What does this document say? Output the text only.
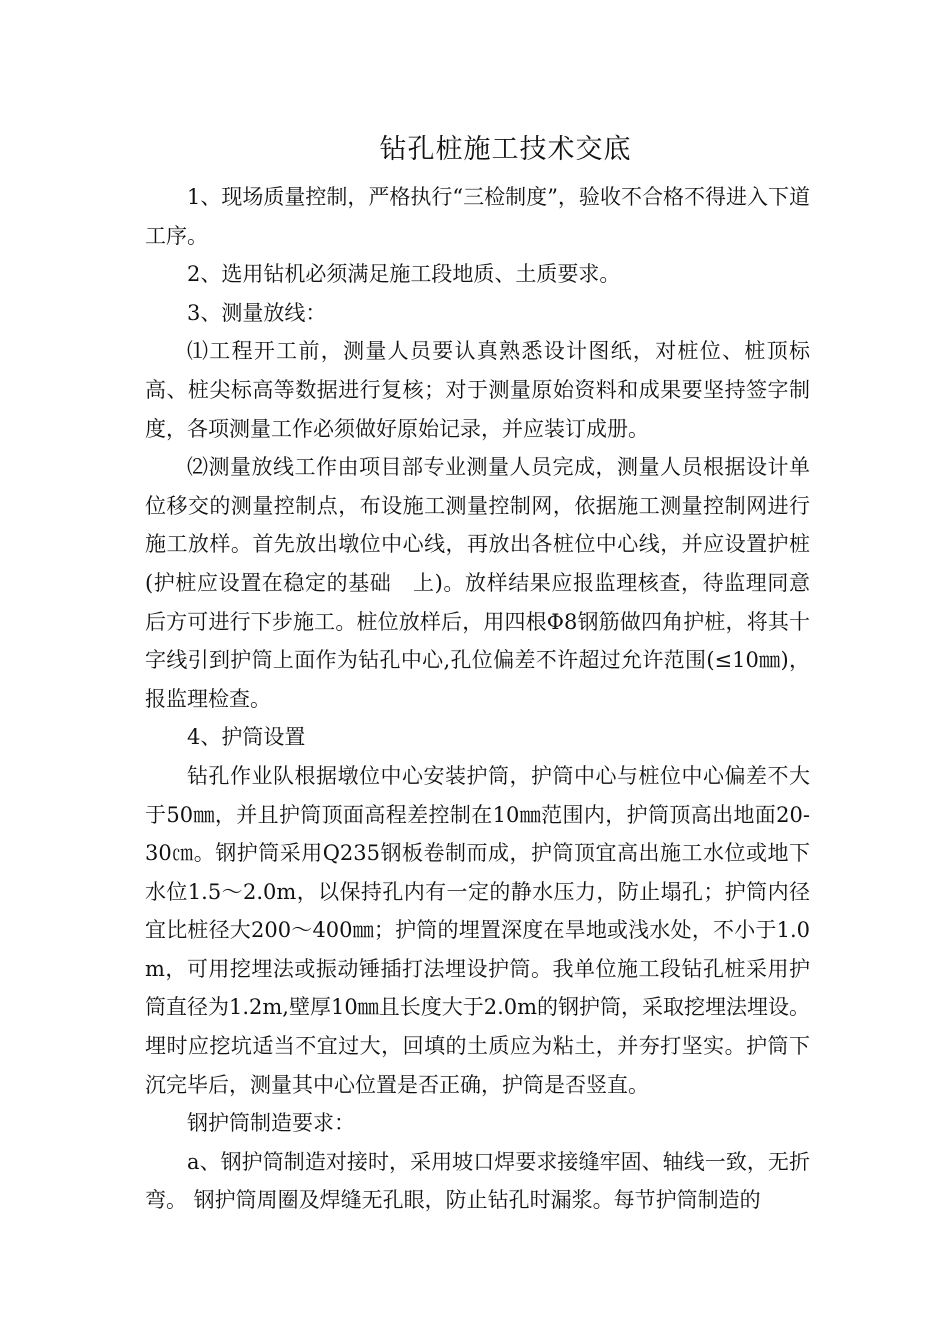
钻孔桩施工技术交底

1、现场质量控制，严格执行“三检制度”，验收不合格不得进入下道工序。

2、选用钻机必须满足施工段地质、土质要求。

3、测量放线：

⑴工程开工前，测量人员要认真熟悉设计图纸，对桩位、桩顶标高、桩尖标高等数据进行复核；对于测量原始资料和成果要坚持签字制度，各项测量工作必须做好原始记录，并应装订成册。

⑵测量放线工作由项目部专业测量人员完成，测量人员根据设计单位移交的测量控制点，布设施工测量控制网，依据施工测量控制网进行施工放样。首先放出墩位中心线，再放出各桩位中心线，并应设置护桩(护桩应设置在稳定的基础　上)。放样结果应报监理核查，待监理同意后方可进行下步施工。桩位放样后，用四根Φ8钢筋做四角护桩，将其十字线引到护筒上面作为钻孔中心,孔位偏差不许超过允许范围(≤10㎜)，报监理检查。

4、护筒设置

钻孔作业队根据墩位中心安装护筒，护筒中心与桩位中心偏差不大于50㎜，并且护筒顶面高程差控制在10㎜范围内，护筒顶高出地面20-30㎝。钢护筒采用Q235钢板卷制而成，护筒顶宜高出施工水位或地下水位1.5～2.0m，以保持孔内有一定的静水压力，防止塌孔；护筒内径宜比桩径大200～400㎜；护筒的埋置深度在旱地或浅水处，不小于1.0　m，可用挖埋法或振动锤插打法埋设护筒。我单位施工段钻孔桩采用护筒直径为1.2m,壁厚10㎜且长度大于2.0m的钢护筒，采取挖埋法埋设。埋时应挖坑适当不宜过大，回填的土质应为粘土，并夯打坚实。护筒下沉完毕后，测量其中心位置是否正确，护筒是否竖直。

钢护筒制造要求：

a、钢护筒制造对接时，采用坡口焊要求接缝牢固、轴线一致，无折弯。 钢护筒周圈及焊缝无孔眼，防止钻孔时漏浆。每节护筒制造的
